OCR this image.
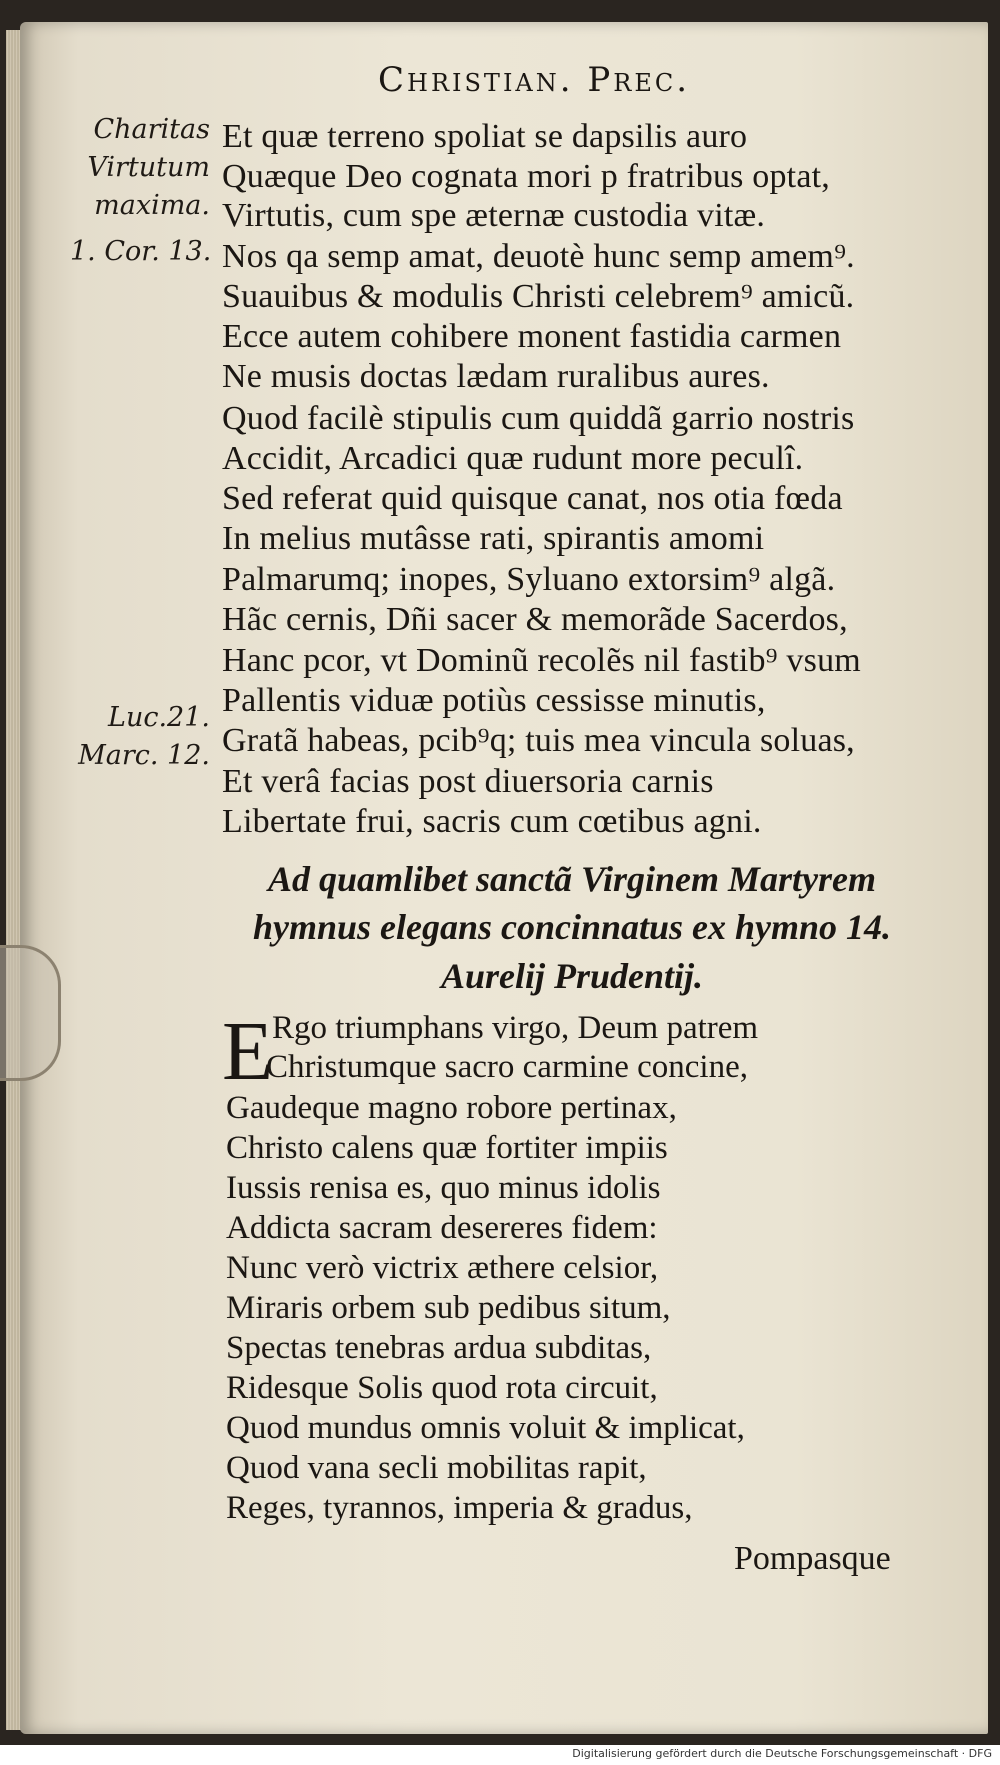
Christian. Prec.
Charitas
Virtutum
maxima.
1. Cor. 13.
Luc.21.
Marc. 12.
Et quæ terreno spoliat se dapsilis auro
Quæque Deo cognata mori p fratribus optat,
Virtutis, cum spe æternæ custodia vitæ.
Nos qa semp amat, deuotè hunc semp amem⁹.
Suauibus & modulis Christi celebrem⁹ amicũ.
Ecce autem cohibere monent fastidia carmen
Ne musis doctas lædam ruralibus aures.
Quod facilè stipulis cum quiddã garrio nostris
Accidit, Arcadici quæ rudunt more peculî.
Sed referat quid quisque canat, nos otia fœda
In melius mutâsse rati, spirantis amomi
Palmarumq; inopes, Syluano extorsim⁹ algã.
Hãc cernis, Dñi sacer & memorãde Sacerdos,
Hanc pcor, vt Dominũ recolẽs nil fastib⁹ vsum
Pallentis viduæ potiùs cessisse minutis,
Gratã habeas, pcib⁹q; tuis mea vincula soluas,
Et verâ facias post diuersoria carnis
Libertate frui, sacris cum cœtibus agni.
Ad quamlibet sanctã Virginem Martyrem
hymnus elegans concinnatus ex hymno 14.
Aurelij Prudentij.
E
Rgo triumphans virgo, Deum patrem
Christumque sacro carmine concine,
Gaudeque magno robore pertinax,
Christo calens quæ fortiter impiis
Iussis renisa es, quo minus idolis
Addicta sacram desereres fidem:
Nunc verò victrix æthere celsior,
Miraris orbem sub pedibus situm,
Spectas tenebras ardua subditas,
Ridesque Solis quod rota circuit,
Quod mundus omnis voluit & implicat,
Quod vana secli mobilitas rapit,
Reges, tyrannos, imperia & gradus,
Pompasque
Digitalisierung gefördert durch die Deutsche Forschungsgemeinschaft · DFG
